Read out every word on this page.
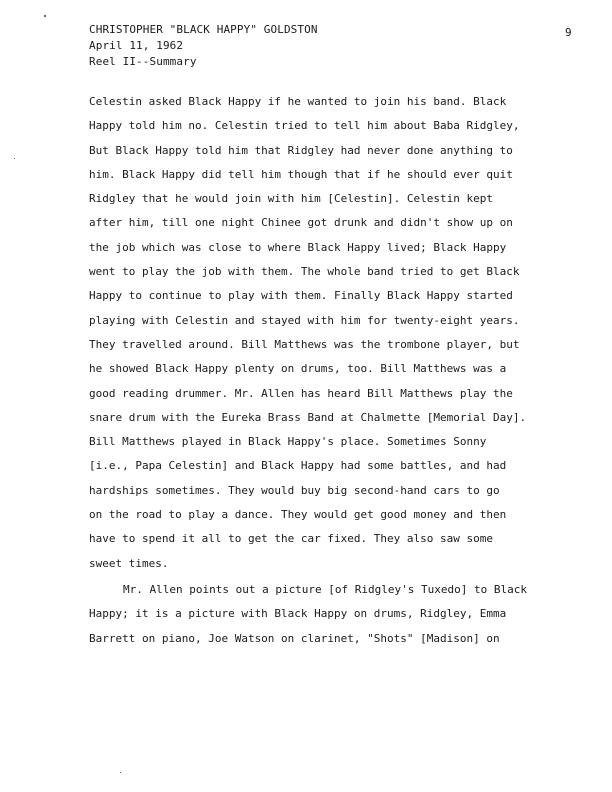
CHRISTOPHER "BLACK HAPPY" GOLDSTON
April 11, 1962
Reel II--Summary
9
Celestin asked Black Happy if he wanted to join his band. Black
Happy told him no. Celestin tried to tell him about Baba Ridgley,
But Black Happy told him that Ridgley had never done anything to
him. Black Happy did tell him though that if he should ever quit
Ridgley that he would join with him [Celestin]. Celestin kept
after him, till one night Chinee got drunk and didn't show up on
the job which was close to where Black Happy lived; Black Happy
went to play the job with them. The whole band tried to get Black
Happy to continue to play with them. Finally Black Happy started
playing with Celestin and stayed with him for twenty-eight years.
They travelled around. Bill Matthews was the trombone player, but
he showed Black Happy plenty on drums, too. Bill Matthews was a
good reading drummer. Mr. Allen has heard Bill Matthews play the
snare drum with the Eureka Brass Band at Chalmette [Memorial Day].
Bill Matthews played in Black Happy's place. Sometimes Sonny
[i.e., Papa Celestin] and Black Happy had some battles, and had
hardships sometimes. They would buy big second-hand cars to go
on the road to play a dance. They would get good money and then
have to spend it all to get the car fixed. They also saw some
sweet times.
Mr. Allen points out a picture [of Ridgley's Tuxedo] to Black
Happy; it is a picture with Black Happy on drums, Ridgley, Emma
Barrett on piano, Joe Watson on clarinet, "Shots" [Madison] on
